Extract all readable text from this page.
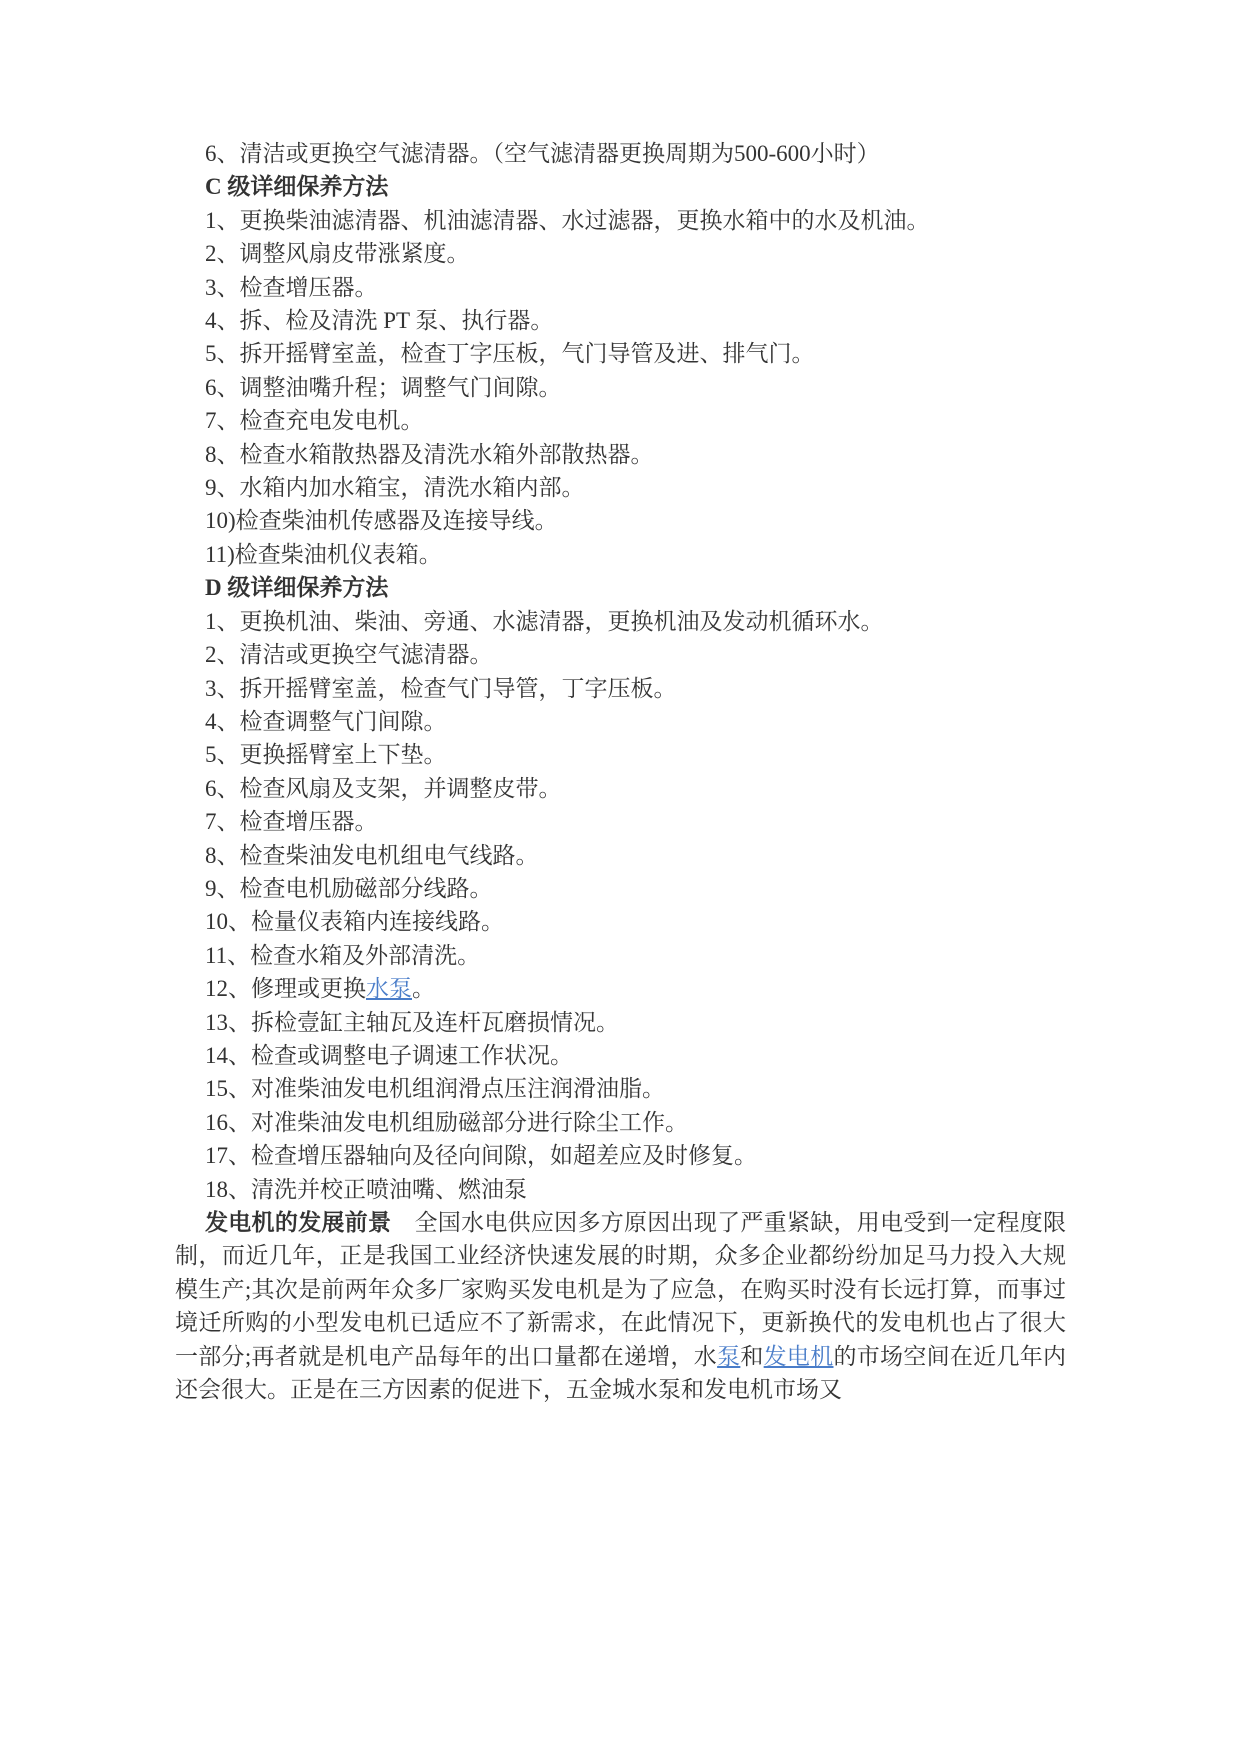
6、清洁或更换空气滤清器。（空气滤清器更换周期为500-600小时）

C 级详细保养方法

1、更换柴油滤清器、机油滤清器、水过滤器，更换水箱中的水及机油。

2、调整风扇皮带涨紧度。

3、检查增压器。

4、拆、检及清洗 PT 泵、执行器。

5、拆开摇臂室盖，检查丁字压板，气门导管及进、排气门。

6、调整油嘴升程；调整气门间隙。

7、检查充电发电机。

8、检查水箱散热器及清洗水箱外部散热器。

9、水箱内加水箱宝，清洗水箱内部。

10)检查柴油机传感器及连接导线。

11)检查柴油机仪表箱。

D 级详细保养方法

1、更换机油、柴油、旁通、水滤清器，更换机油及发动机循环水。

2、清洁或更换空气滤清器。

3、拆开摇臂室盖，检查气门导管，丁字压板。

4、检查调整气门间隙。

5、更换摇臂室上下垫。

6、检查风扇及支架，并调整皮带。

7、检查增压器。

8、检查柴油发电机组电气线路。

9、检查电机励磁部分线路。

10、检量仪表箱内连接线路。

11、检查水箱及外部清洗。

12、修理或更换水泵。

13、拆检壹缸主轴瓦及连杆瓦磨损情况。

14、检查或调整电子调速工作状况。

15、对准柴油发电机组润滑点压注润滑油脂。

16、对准柴油发电机组励磁部分进行除尘工作。

17、检查增压器轴向及径向间隙，如超差应及时修复。

18、清洗并校正喷油嘴、燃油泵

发电机的发展前景　全国水电供应因多方原因出现了严重紧缺，用电受到一定程度限制，而近几年，正是我国工业经济快速发展的时期，众多企业都纷纷加足马力投入大规模生产;其次是前两年众多厂家购买发电机是为了应急，在购买时没有长远打算，而事过境迁所购的小型发电机已适应不了新需求，在此情况下，更新换代的发电机也占了很大一部分;再者就是机电产品每年的出口量都在递增，水泵和发电机的市场空间在近几年内还会很大。正是在三方因素的促进下，五金城水泵和发电机市场又
